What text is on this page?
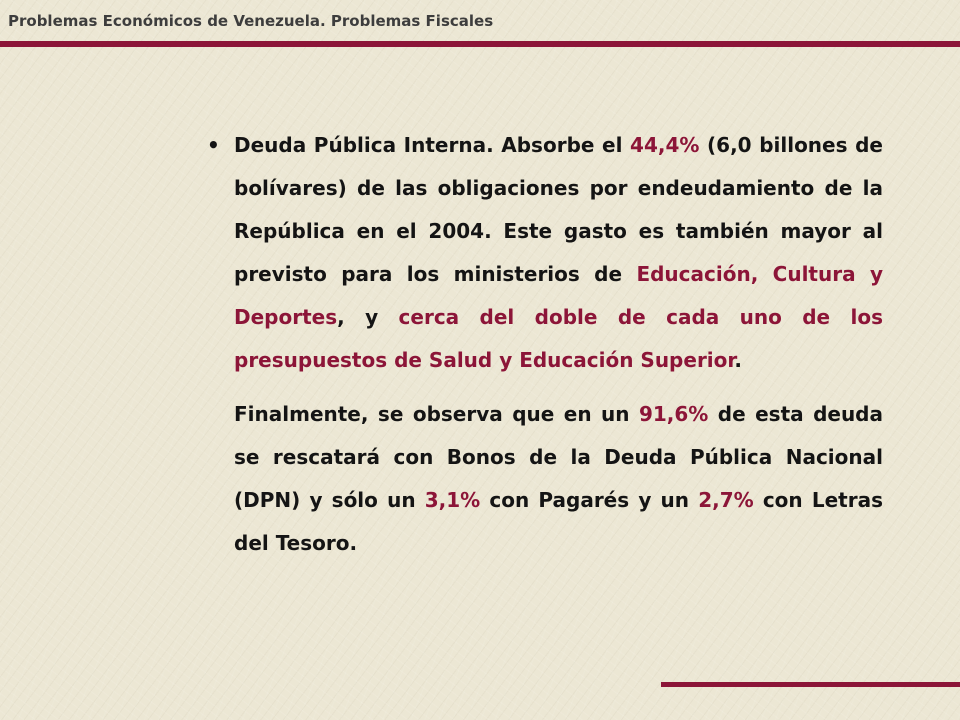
Problemas Económicos de Venezuela. Problemas Fiscales
• Deuda Pública Interna. Absorbe el 44,4% (6,0 billones de bolívares) de las obligaciones por endeudamiento de la República en el 2004. Este gasto es también mayor al previsto para los ministerios de Educación, Cultura y Deportes, y cerca del doble de cada uno de los presupuestos de Salud y Educación Superior.

Finalmente, se observa que en un 91,6% de esta deuda se rescatará con Bonos de la Deuda Pública Nacional (DPN) y sólo un 3,1% con Pagarés y un 2,7% con Letras del Tesoro.
